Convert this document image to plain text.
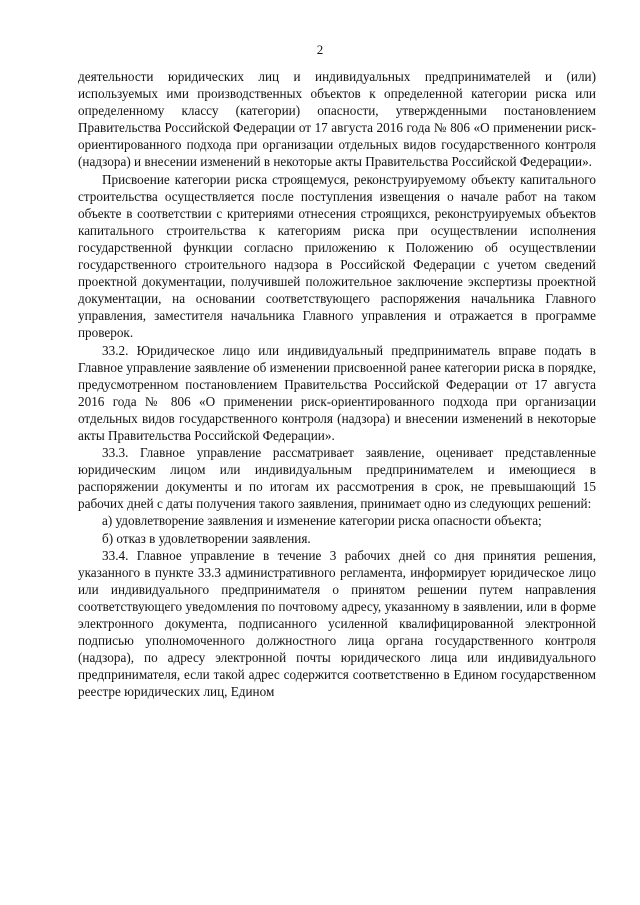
2

деятельности юридических лиц и индивидуальных предпринимателей и (или) используемых ими производственных объектов к определенной категории риска или определенному классу (категории) опасности, утвержденными постановлением Правительства Российской Федерации от 17 августа 2016 года № 806 «О применении риск-ориентированного подхода при организации отдельных видов государственного контроля (надзора) и внесении изменений в некоторые акты Правительства Российской Федерации».

Присвоение категории риска строящемуся, реконструируемому объекту капитального строительства осуществляется после поступления извещения о начале работ на таком объекте в соответствии с критериями отнесения строящихся, реконструируемых объектов капитального строительства к категориям риска при осуществлении исполнения государственной функции согласно приложению к Положению об осуществлении государственного строительного надзора в Российской Федерации с учетом сведений проектной документации, получившей положительное заключение экспертизы проектной документации, на основании соответствующего распоряжения начальника Главного управления, заместителя начальника Главного управления и отражается в программе проверок.

33.2. Юридическое лицо или индивидуальный предприниматель вправе подать в Главное управление заявление об изменении присвоенной ранее категории риска в порядке, предусмотренном постановлением Правительства Российской Федерации от 17 августа 2016 года № 806 «О применении риск-ориентированного подхода при организации отдельных видов государственного контроля (надзора) и внесении изменений в некоторые акты Правительства Российской Федерации».

33.3. Главное управление рассматривает заявление, оценивает представленные юридическим лицом или индивидуальным предпринимателем и имеющиеся в распоряжении документы и по итогам их рассмотрения в срок, не превышающий 15 рабочих дней с даты получения такого заявления, принимает одно из следующих решений:

а) удовлетворение заявления и изменение категории риска опасности объекта;

б) отказ в удовлетворении заявления.

33.4. Главное управление в течение 3 рабочих дней со дня принятия решения, указанного в пункте 33.3 административного регламента, информирует юридическое лицо или индивидуального предпринимателя о принятом решении путем направления соответствующего уведомления по почтовому адресу, указанному в заявлении, или в форме электронного документа, подписанного усиленной квалифицированной электронной подписью уполномоченного должностного лица органа государственного контроля (надзора), по адресу электронной почты юридического лица или индивидуального предпринимателя, если такой адрес содержится соответственно в Едином государственном реестре юридических лиц, Едином
